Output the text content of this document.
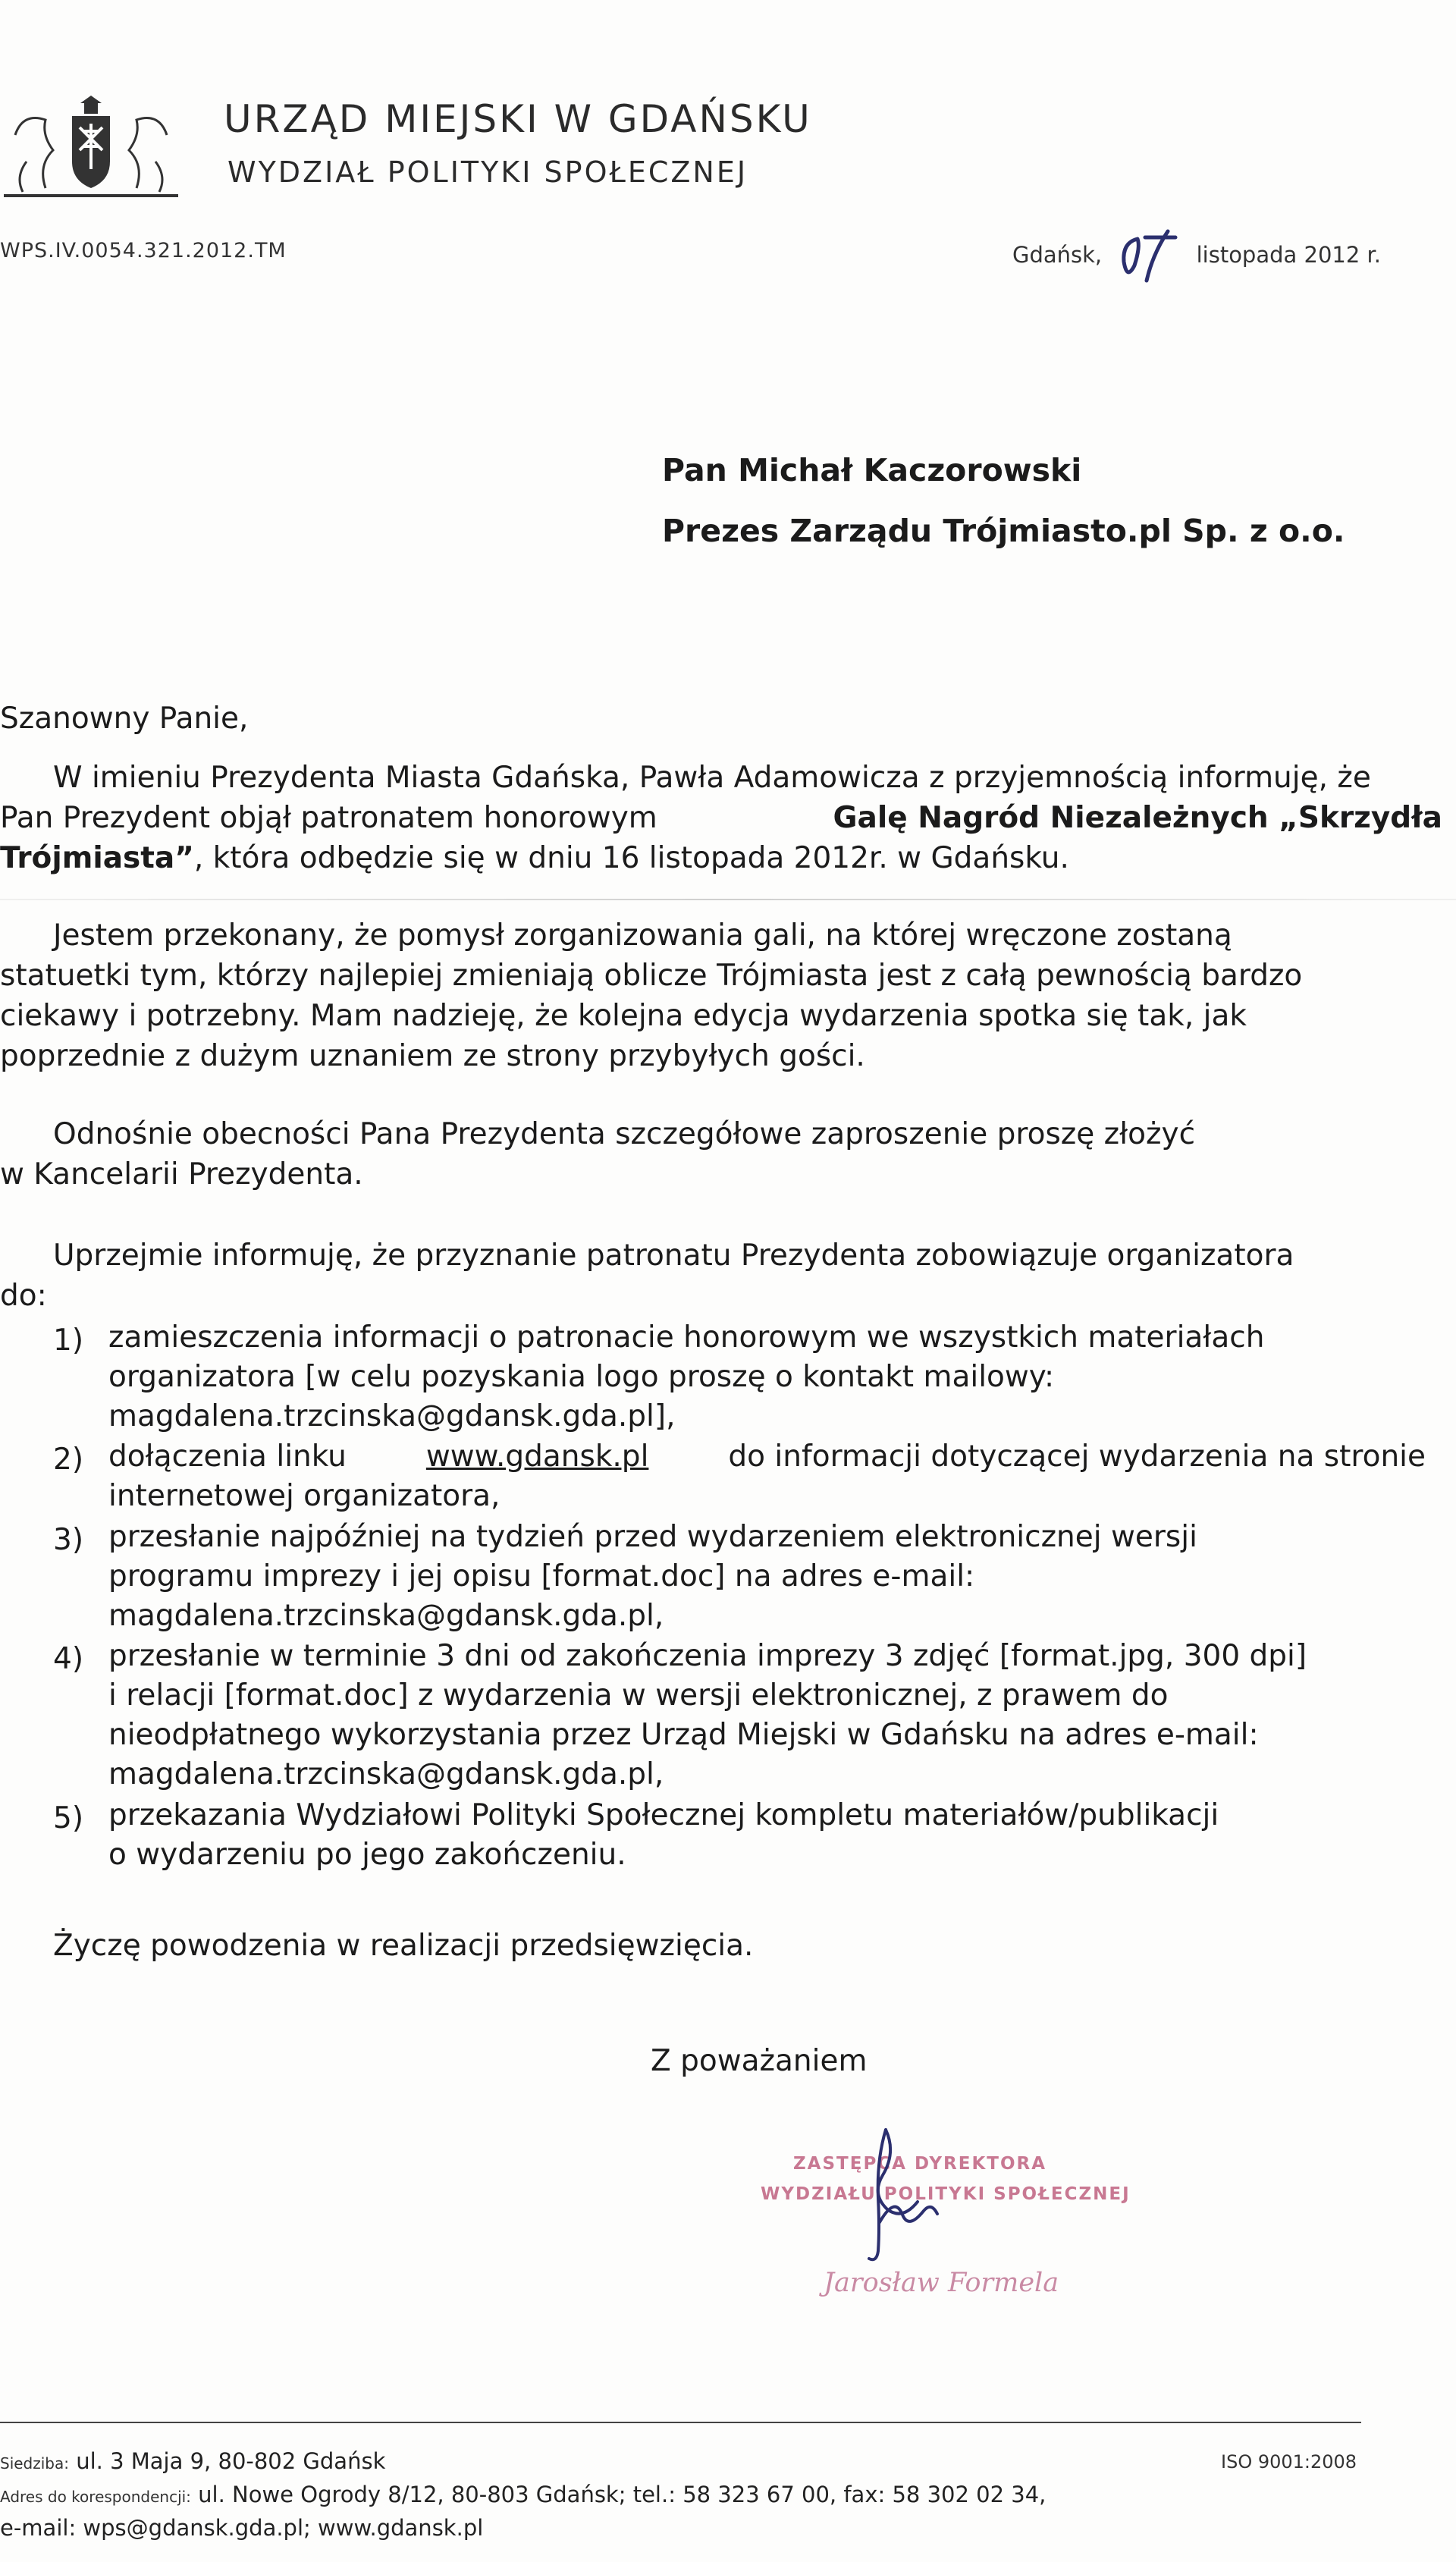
URZĄD MIEJSKI W GDAŃSKU
WYDZIAŁ POLITYKI SPOŁECZNEJ
WPS.IV.0054.321.2012.TM	Gdańsk,	listopada 2012 r.
Pan Michał Kaczorowski
Prezes Zarządu Trójmiasto.pl Sp. z o.o.
Szanowny Panie,
W imieniu Prezydenta Miasta Gdańska, Pawła Adamowicza z przyjemnością informuję, że
Pan Prezydent objął patronatem honorowym	Galę Nagród Niezależnych „Skrzydła
Trójmiasta”, która odbędzie się w dniu 16 listopada 2012r. w Gdańsku.
Jestem przekonany, że pomysł zorganizowania gali, na której wręczone zostaną
statuetki tym, którzy najlepiej zmieniają oblicze Trójmiasta jest z całą pewnością bardzo
ciekawy i potrzebny. Mam nadzieję, że kolejna edycja wydarzenia spotka się tak, jak
poprzednie z dużym uznaniem ze strony przybyłych gości.
Odnośnie obecności Pana Prezydenta szczegółowe zaproszenie proszę złożyć
w Kancelarii Prezydenta.
Uprzejmie informuję, że przyznanie patronatu Prezydenta zobowiązuje organizatora
do:
1) zamieszczenia informacji o patronacie honorowym we wszystkich materiałach
organizatora [w celu pozyskania logo proszę o kontakt mailowy:
magdalena.trzcinska@gdansk.gda.pl],
2) dołączenia linku	www.gdansk.pl	do informacji dotyczącej wydarzenia na stronie
internetowej organizatora,
3) przesłanie najpóźniej na tydzień przed wydarzeniem elektronicznej wersji
programu imprezy i jej opisu [format.doc] na adres e-mail:
magdalena.trzcinska@gdansk.gda.pl,
4) przesłanie w terminie 3 dni od zakończenia imprezy 3 zdjęć [format.jpg, 300 dpi]
i relacji [format.doc] z wydarzenia w wersji elektronicznej, z prawem do
nieodpłatnego wykorzystania przez Urząd Miejski w Gdańsku na adres e-mail:
magdalena.trzcinska@gdansk.gda.pl,
5) przekazania Wydziałowi Polityki Społecznej kompletu materiałów/publikacji
o wydarzeniu po jego zakończeniu.
Życzę powodzenia w realizacji przedsięwzięcia.
Z poważaniem
ZASTĘPCA DYREKTORA
WYDZIAŁU POLITYKI SPOŁECZNEJ
Jarosław Formela
Siedziba: ul. 3 Maja 9, 80-802 Gdańsk
Adres do korespondencji: ul. Nowe Ogrody 8/12, 80-803 Gdańsk; tel.: 58 323 67 00, fax: 58 302 02 34,
e-mail: wps@gdansk.gda.pl; www.gdansk.pl
ISO 9001:2008
